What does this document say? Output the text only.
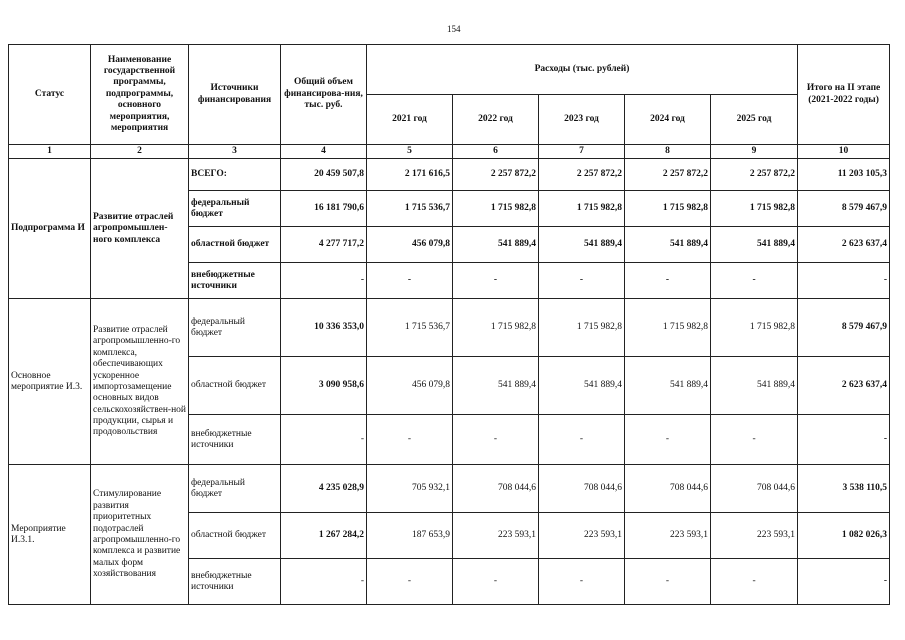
154
Статус	Наименование государственной программы, подпрограммы, основного мероприятия, мероприятия	Источники финансирования	Общий объем финансирова-ния, тыс. руб.	Расходы (тыс. рублей)					Итого на II этапе (2021-2022 годы)
				2021 год	2022 год	2023 год	2024 год	2025 год	
1	2	3	4	5	6	7	8	9	10
Подпрограмма И	Развитие отраслей агропромышлен-ного комплекса	ВСЕГО:	20 459 507,8	2 171 616,5	2 257 872,2	2 257 872,2	2 257 872,2	2 257 872,2	11 203 105,3
		федеральный бюджет	16 181 790,6	1 715 536,7	1 715 982,8	1 715 982,8	1 715 982,8	1 715 982,8	8 579 467,9
		областной бюджет	4 277 717,2	456 079,8	541 889,4	541 889,4	541 889,4	541 889,4	2 623 637,4
		внебюджетные источники	-	-	-	-	-	-	-
Основное мероприятие И.3.	Развитие отраслей агропромышленно-го комплекса, обеспечивающих ускоренное импортозамещение основных видов сельскохозяйствен-ной продукции, сырья и продовольствия	федеральный бюджет	10 336 353,0	1 715 536,7	1 715 982,8	1 715 982,8	1 715 982,8	1 715 982,8	8 579 467,9
		областной бюджет	3 090 958,6	456 079,8	541 889,4	541 889,4	541 889,4	541 889,4	2 623 637,4
		внебюджетные источники	-	-	-	-	-	-	-
Мероприятие И.3.1.	Стимулирование развития приоритетных подотраслей агропромышленно-го комплекса и развитие малых форм хозяйствования	федеральный бюджет	4 235 028,9	705 932,1	708 044,6	708 044,6	708 044,6	708 044,6	3 538 110,5
		областной бюджет	1 267 284,2	187 653,9	223 593,1	223 593,1	223 593,1	223 593,1	1 082 026,3
		внебюджетные источники	-	-	-	-	-	-	-
